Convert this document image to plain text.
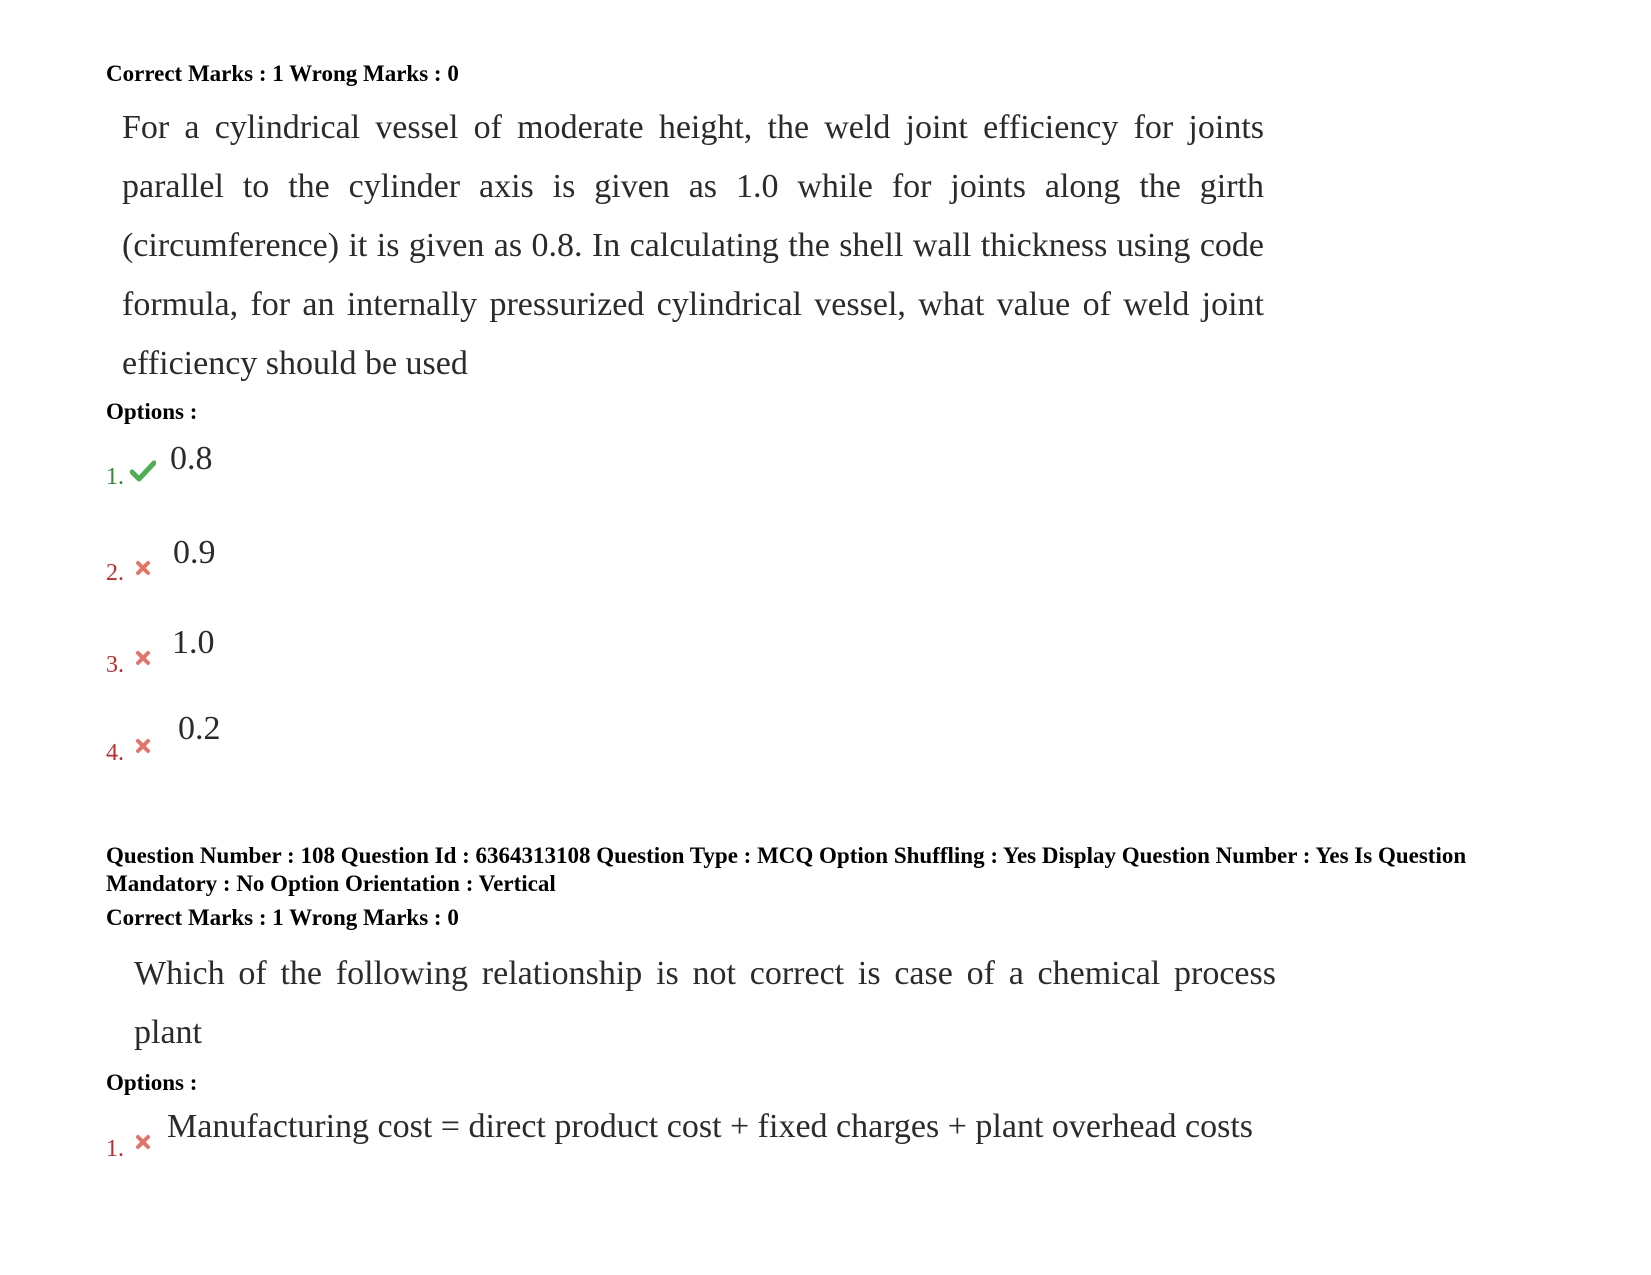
Correct Marks : 1 Wrong Marks : 0
For a cylindrical vessel of moderate height, the weld joint efficiency for joints parallel to the cylinder axis is given as 1.0 while for joints along the girth (circumference) it is given as 0.8. In calculating the shell wall thickness using code formula, for an internally pressurized cylindrical vessel, what value of weld joint efficiency should be used
Options :
1. 0.8
2.
0.9
3.
1.0
4.
0.2
Question Number : 108 Question Id : 6364313108 Question Type : MCQ Option Shuffling : Yes Display Question Number : Yes Is Question Mandatory : No Option Orientation : Vertical
Correct Marks : 1 Wrong Marks : 0
Which of the following relationship is not correct is case of a chemical process plant
Options :
1.
Manufacturing cost = direct product cost + fixed charges + plant overhead costs
